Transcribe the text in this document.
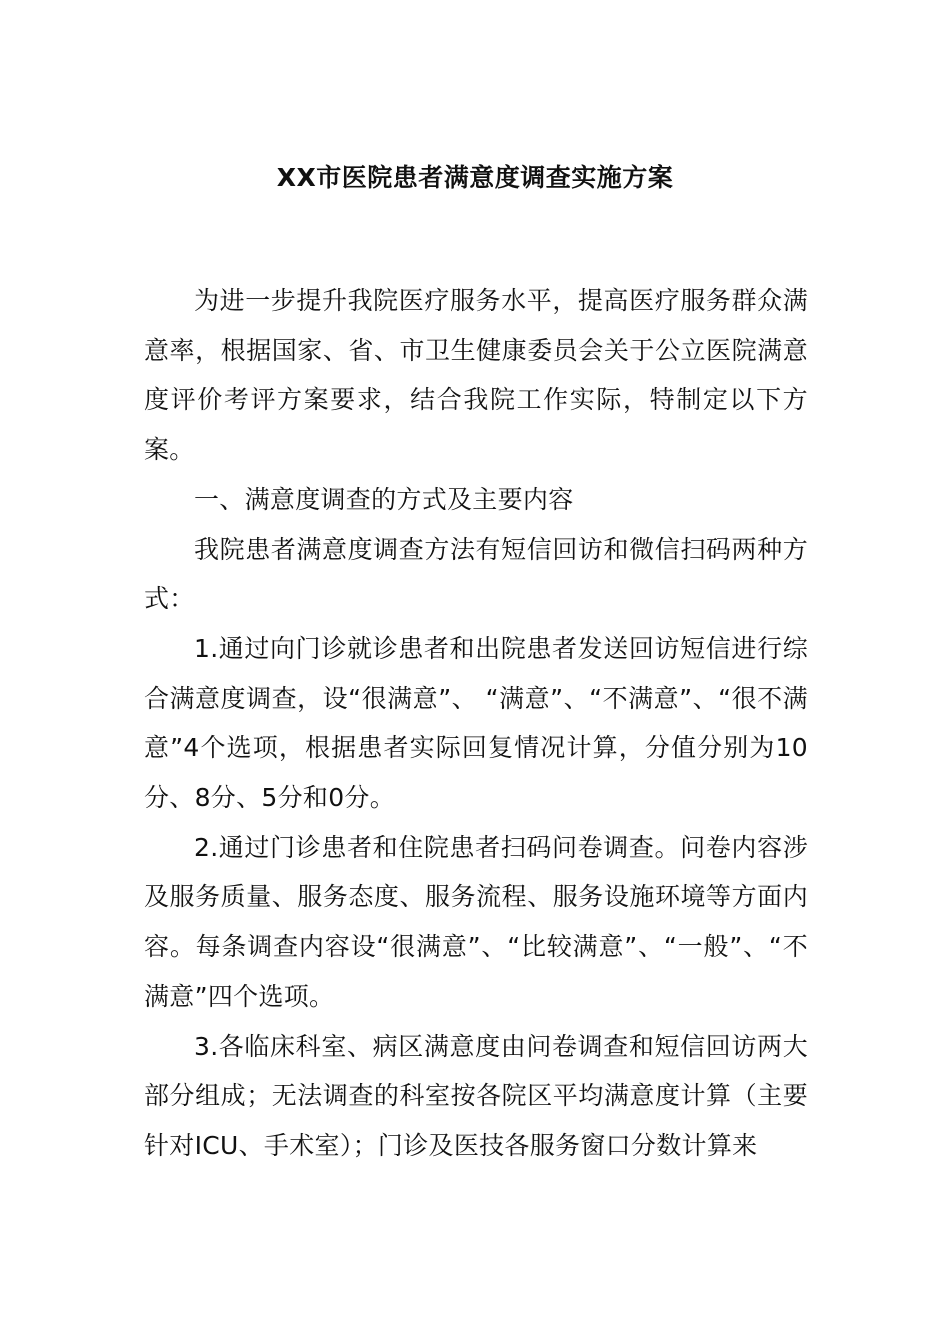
XX市医院患者满意度调查实施方案

为进一步提升我院医疗服务水平，提高医疗服务群众满意率，根据国家、省、市卫生健康委员会关于公立医院满意度评价考评方案要求，结合我院工作实际，特制定以下方案。

一、满意度调查的方式及主要内容

我院患者满意度调查方法有短信回访和微信扫码两种方式：

1.通过向门诊就诊患者和出院患者发送回访短信进行综合满意度调查，设“很满意”、 “满意”、“不满意”、“很不满意”4个选项，根据患者实际回复情况计算，分值分别为10分、8分、5分和0分。

2.通过门诊患者和住院患者扫码问卷调查。问卷内容涉及服务质量、服务态度、服务流程、服务设施环境等方面内容。每条调查内容设“很满意”、“比较满意”、“一般”、“不满意”四个选项。

3.各临床科室、病区满意度由问卷调查和短信回访两大部分组成；无法调查的科室按各院区平均满意度计算（主要针对ICU、手术室）；门诊及医技各服务窗口分数计算来
